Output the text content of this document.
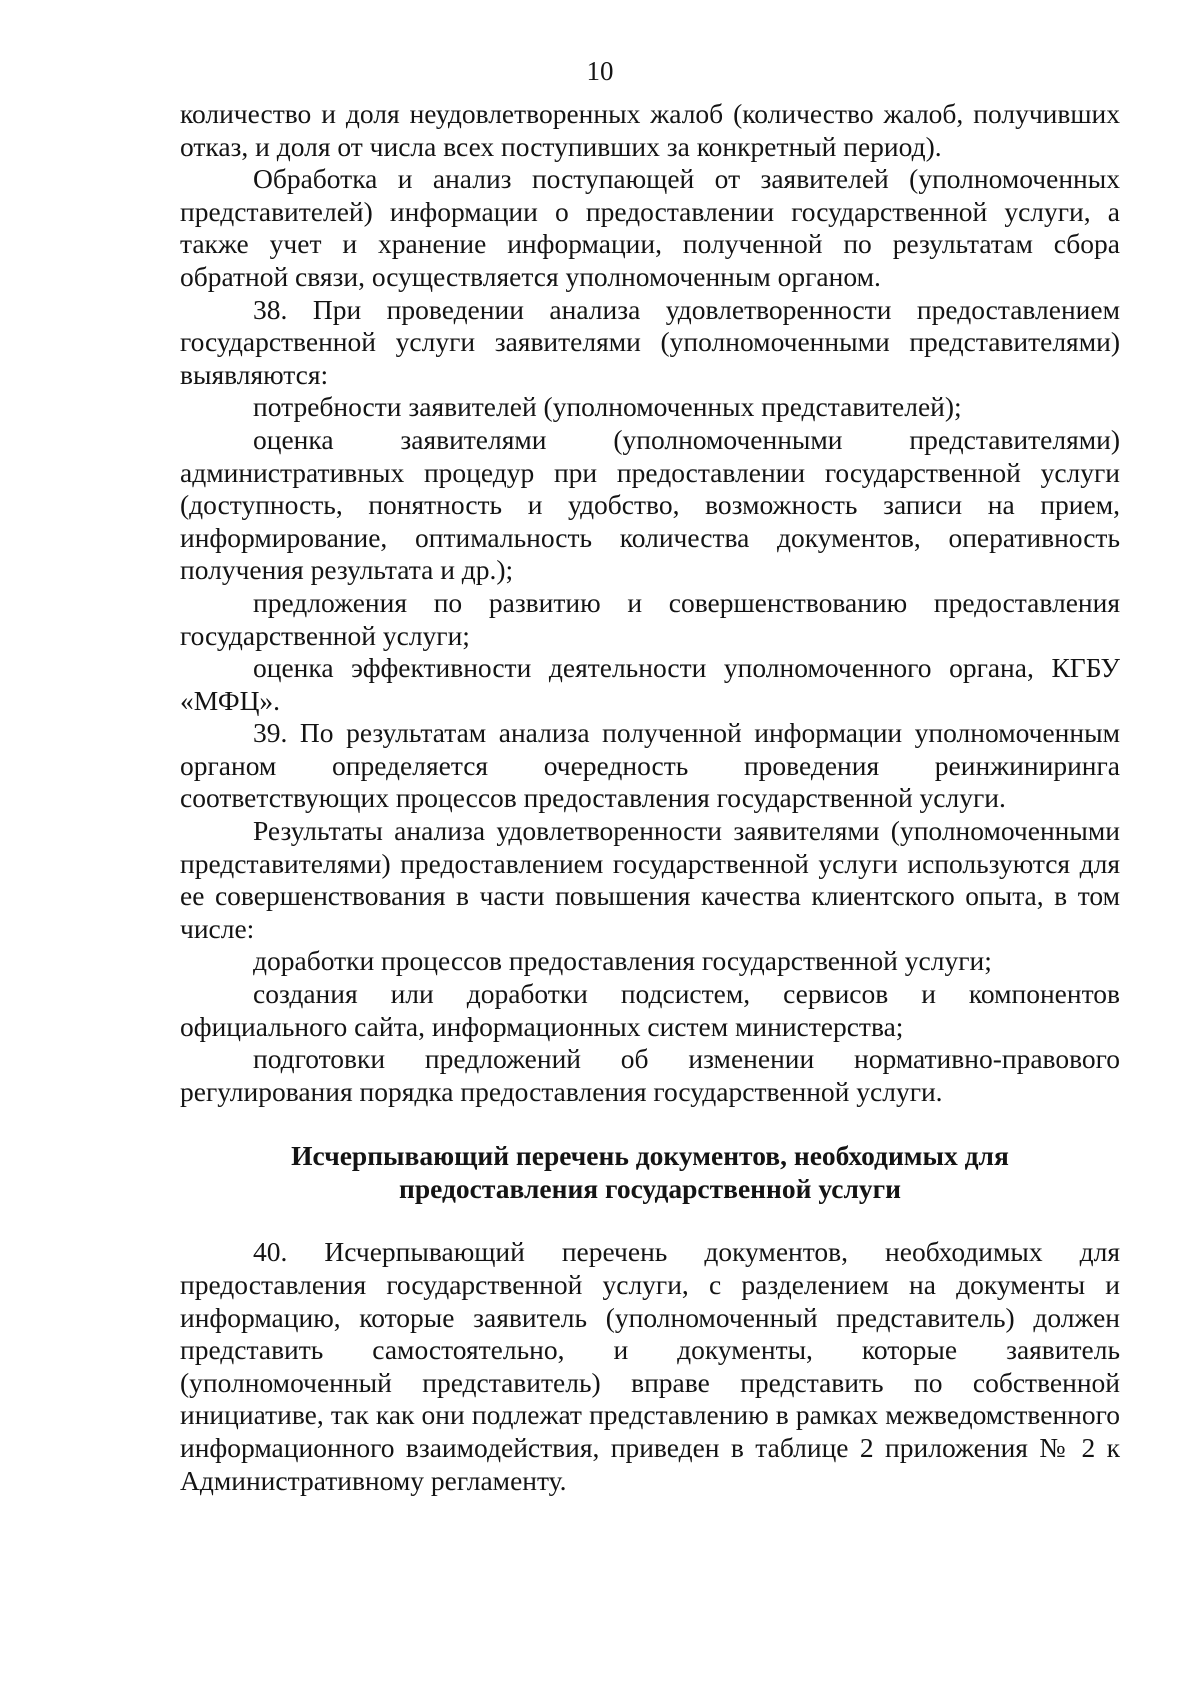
10

количество и доля неудовлетворенных жалоб (количество жалоб, получивших отказ, и доля от числа всех поступивших за конкретный период).

Обработка и анализ поступающей от заявителей (уполномоченных представителей) информации о предоставлении государственной услуги, а также учет и хранение информации, полученной по результатам сбора обратной связи, осуществляется уполномоченным органом.

38. При проведении анализа удовлетворенности предоставлением государственной услуги заявителями (уполномоченными представителями) выявляются:

потребности заявителей (уполномоченных представителей);

оценка заявителями (уполномоченными представителями) административных процедур при предоставлении государственной услуги (доступность, понятность и удобство, возможность записи на прием, информирование, оптимальность количества документов, оперативность получения результата и др.);

предложения по развитию и совершенствованию предоставления государственной услуги;

оценка эффективности деятельности уполномоченного органа, КГБУ «МФЦ».

39. По результатам анализа полученной информации уполномоченным органом определяется очередность проведения реинжиниринга соответствующих процессов предоставления государственной услуги.

Результаты анализа удовлетворенности заявителями (уполномоченными представителями) предоставлением государственной услуги используются для ее совершенствования в части повышения качества клиентского опыта, в том числе:

доработки процессов предоставления государственной услуги;

создания или доработки подсистем, сервисов и компонентов официального сайта, информационных систем министерства;

подготовки предложений об изменении нормативно-правового регулирования порядка предоставления государственной услуги.

Исчерпывающий перечень документов, необходимых для
предоставления государственной услуги

40. Исчерпывающий перечень документов, необходимых для предоставления государственной услуги, с разделением на документы и информацию, которые заявитель (уполномоченный представитель) должен представить самостоятельно, и документы, которые заявитель (уполномоченный представитель) вправе представить по собственной инициативе, так как они подлежат представлению в рамках межведомственного информационного взаимодействия, приведен в таблице 2 приложения № 2 к Административному регламенту.
